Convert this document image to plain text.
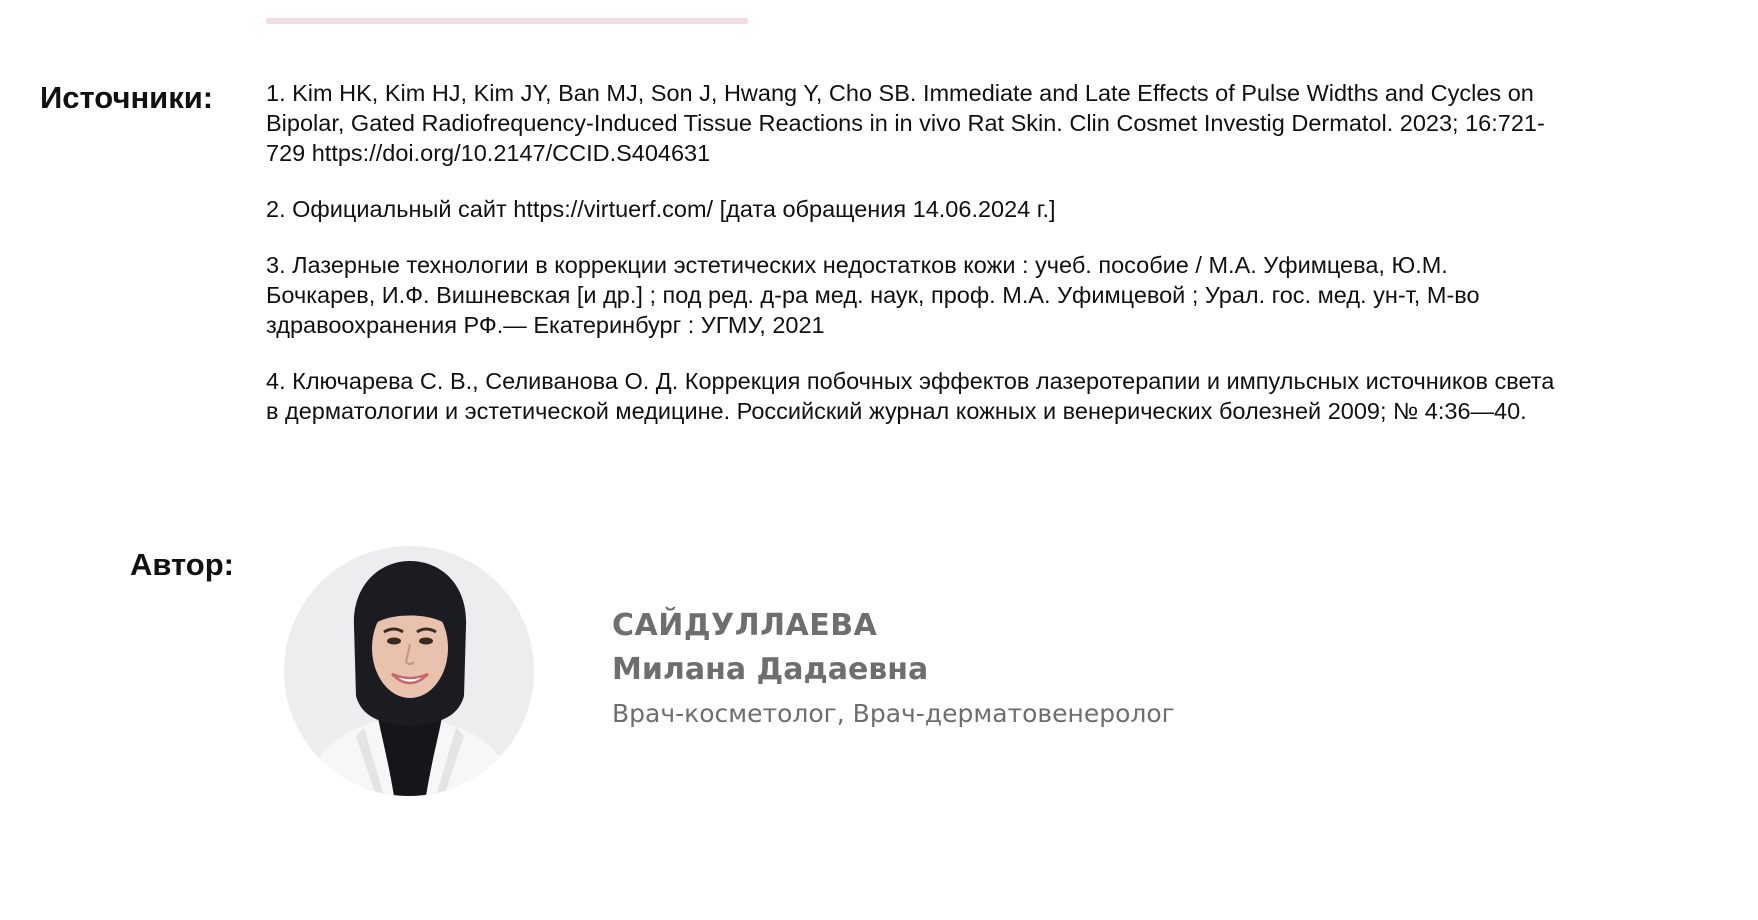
Источники: 1. Kim HK, Kim HJ, Kim JY, Ban MJ, Son J, Hwang Y, Cho SB. Immediate and Late Effects of Pulse Widths and Cycles on Bipolar, Gated Radiofrequency-Induced Tissue Reactions in in vivo Rat Skin. Clin Cosmet Investig Dermatol. 2023; 16:721-729 https://doi.org/10.2147/CCID.S404631
2. Официальный сайт https://virtuerf.com/ [дата обращения 14.06.2024 г.]
3. Лазерные технологии в коррекции эстетических недостатков кожи : учеб. пособие / М.А. Уфимцева, Ю.М. Бочкарев, И.Ф. Вишневская [и др.] ; под ред. д-ра мед. наук, проф. М.А. Уфимцевой ; Урал. гос. мед. ун-т, М-во здравоохранения РФ.— Екатеринбург : УГМУ, 2021
4. Ключарева С. В., Селиванова О. Д. Коррекция побочных эффектов лазеротерапии и импульсных источников света в дерматологии и эстетической медицине. Российский журнал кожных и венерических болезней 2009; № 4:36—40.
Автор:
САЙДУЛЛАЕВА
Милана Дадаевна
Врач-косметолог, Врач-дерматовенеролог
